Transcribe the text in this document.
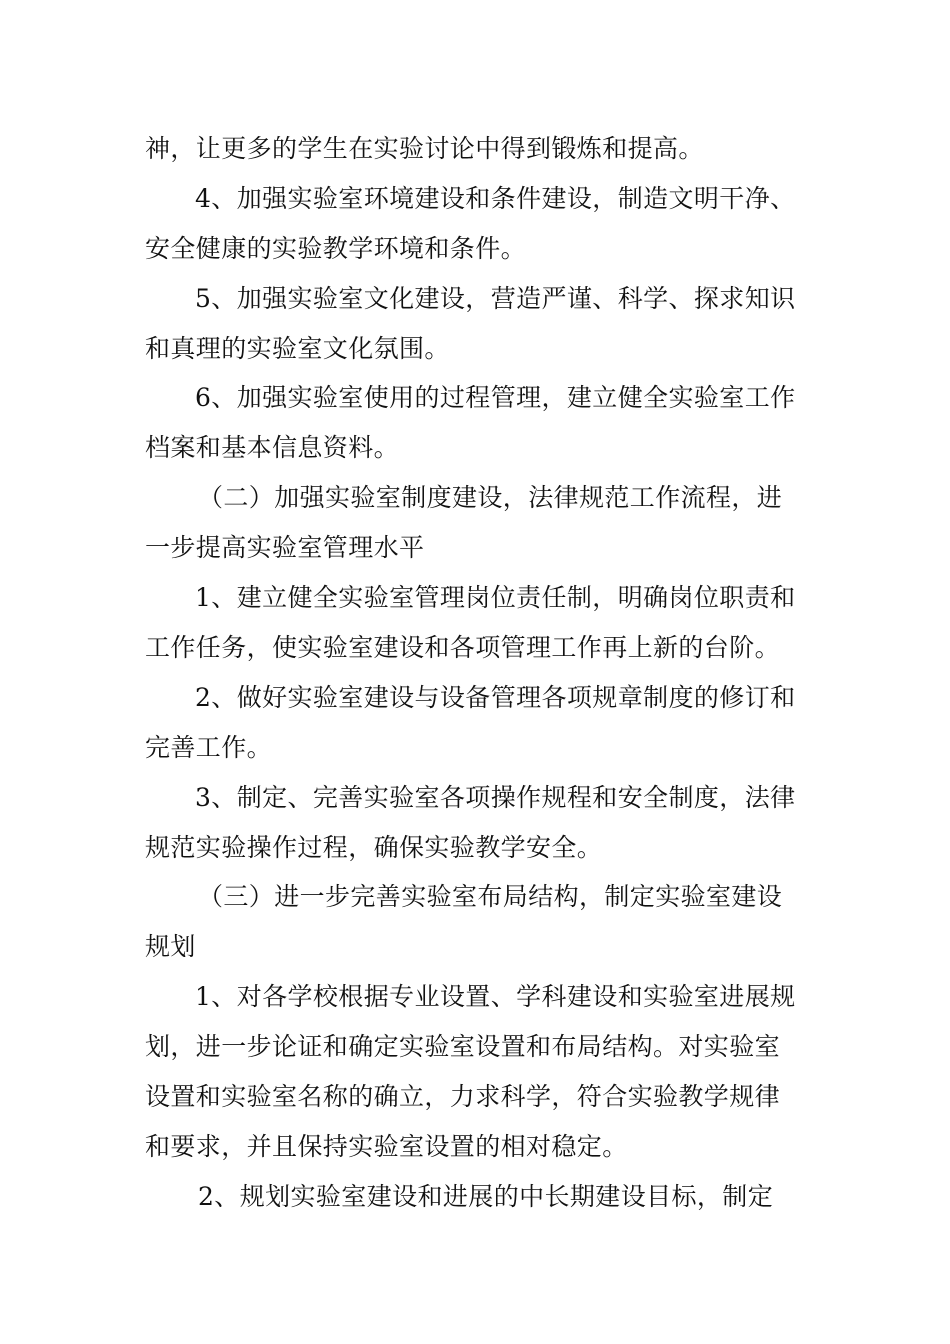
神，让更多的学生在实验讨论中得到锻炼和提高。
4、加强实验室环境建设和条件建设，制造文明干净、
安全健康的实验教学环境和条件。
5、加强实验室文化建设，营造严谨、科学、探求知识
和真理的实验室文化氛围。
6、加强实验室使用的过程管理，建立健全实验室工作
档案和基本信息资料。
（二）加强实验室制度建设，法律规范工作流程，进
一步提高实验室管理水平
1、建立健全实验室管理岗位责任制，明确岗位职责和
工作任务，使实验室建设和各项管理工作再上新的台阶。
2、做好实验室建设与设备管理各项规章制度的修订和
完善工作。
3、制定、完善实验室各项操作规程和安全制度，法律
规范实验操作过程，确保实验教学安全。
（三）进一步完善实验室布局结构，制定实验室建设
规划
1、对各学校根据专业设置、学科建设和实验室进展规
划，进一步论证和确定实验室设置和布局结构。对实验室
设置和实验室名称的确立，力求科学，符合实验教学规律
和要求，并且保持实验室设置的相对稳定。
2、规划实验室建设和进展的中长期建设目标，制定
